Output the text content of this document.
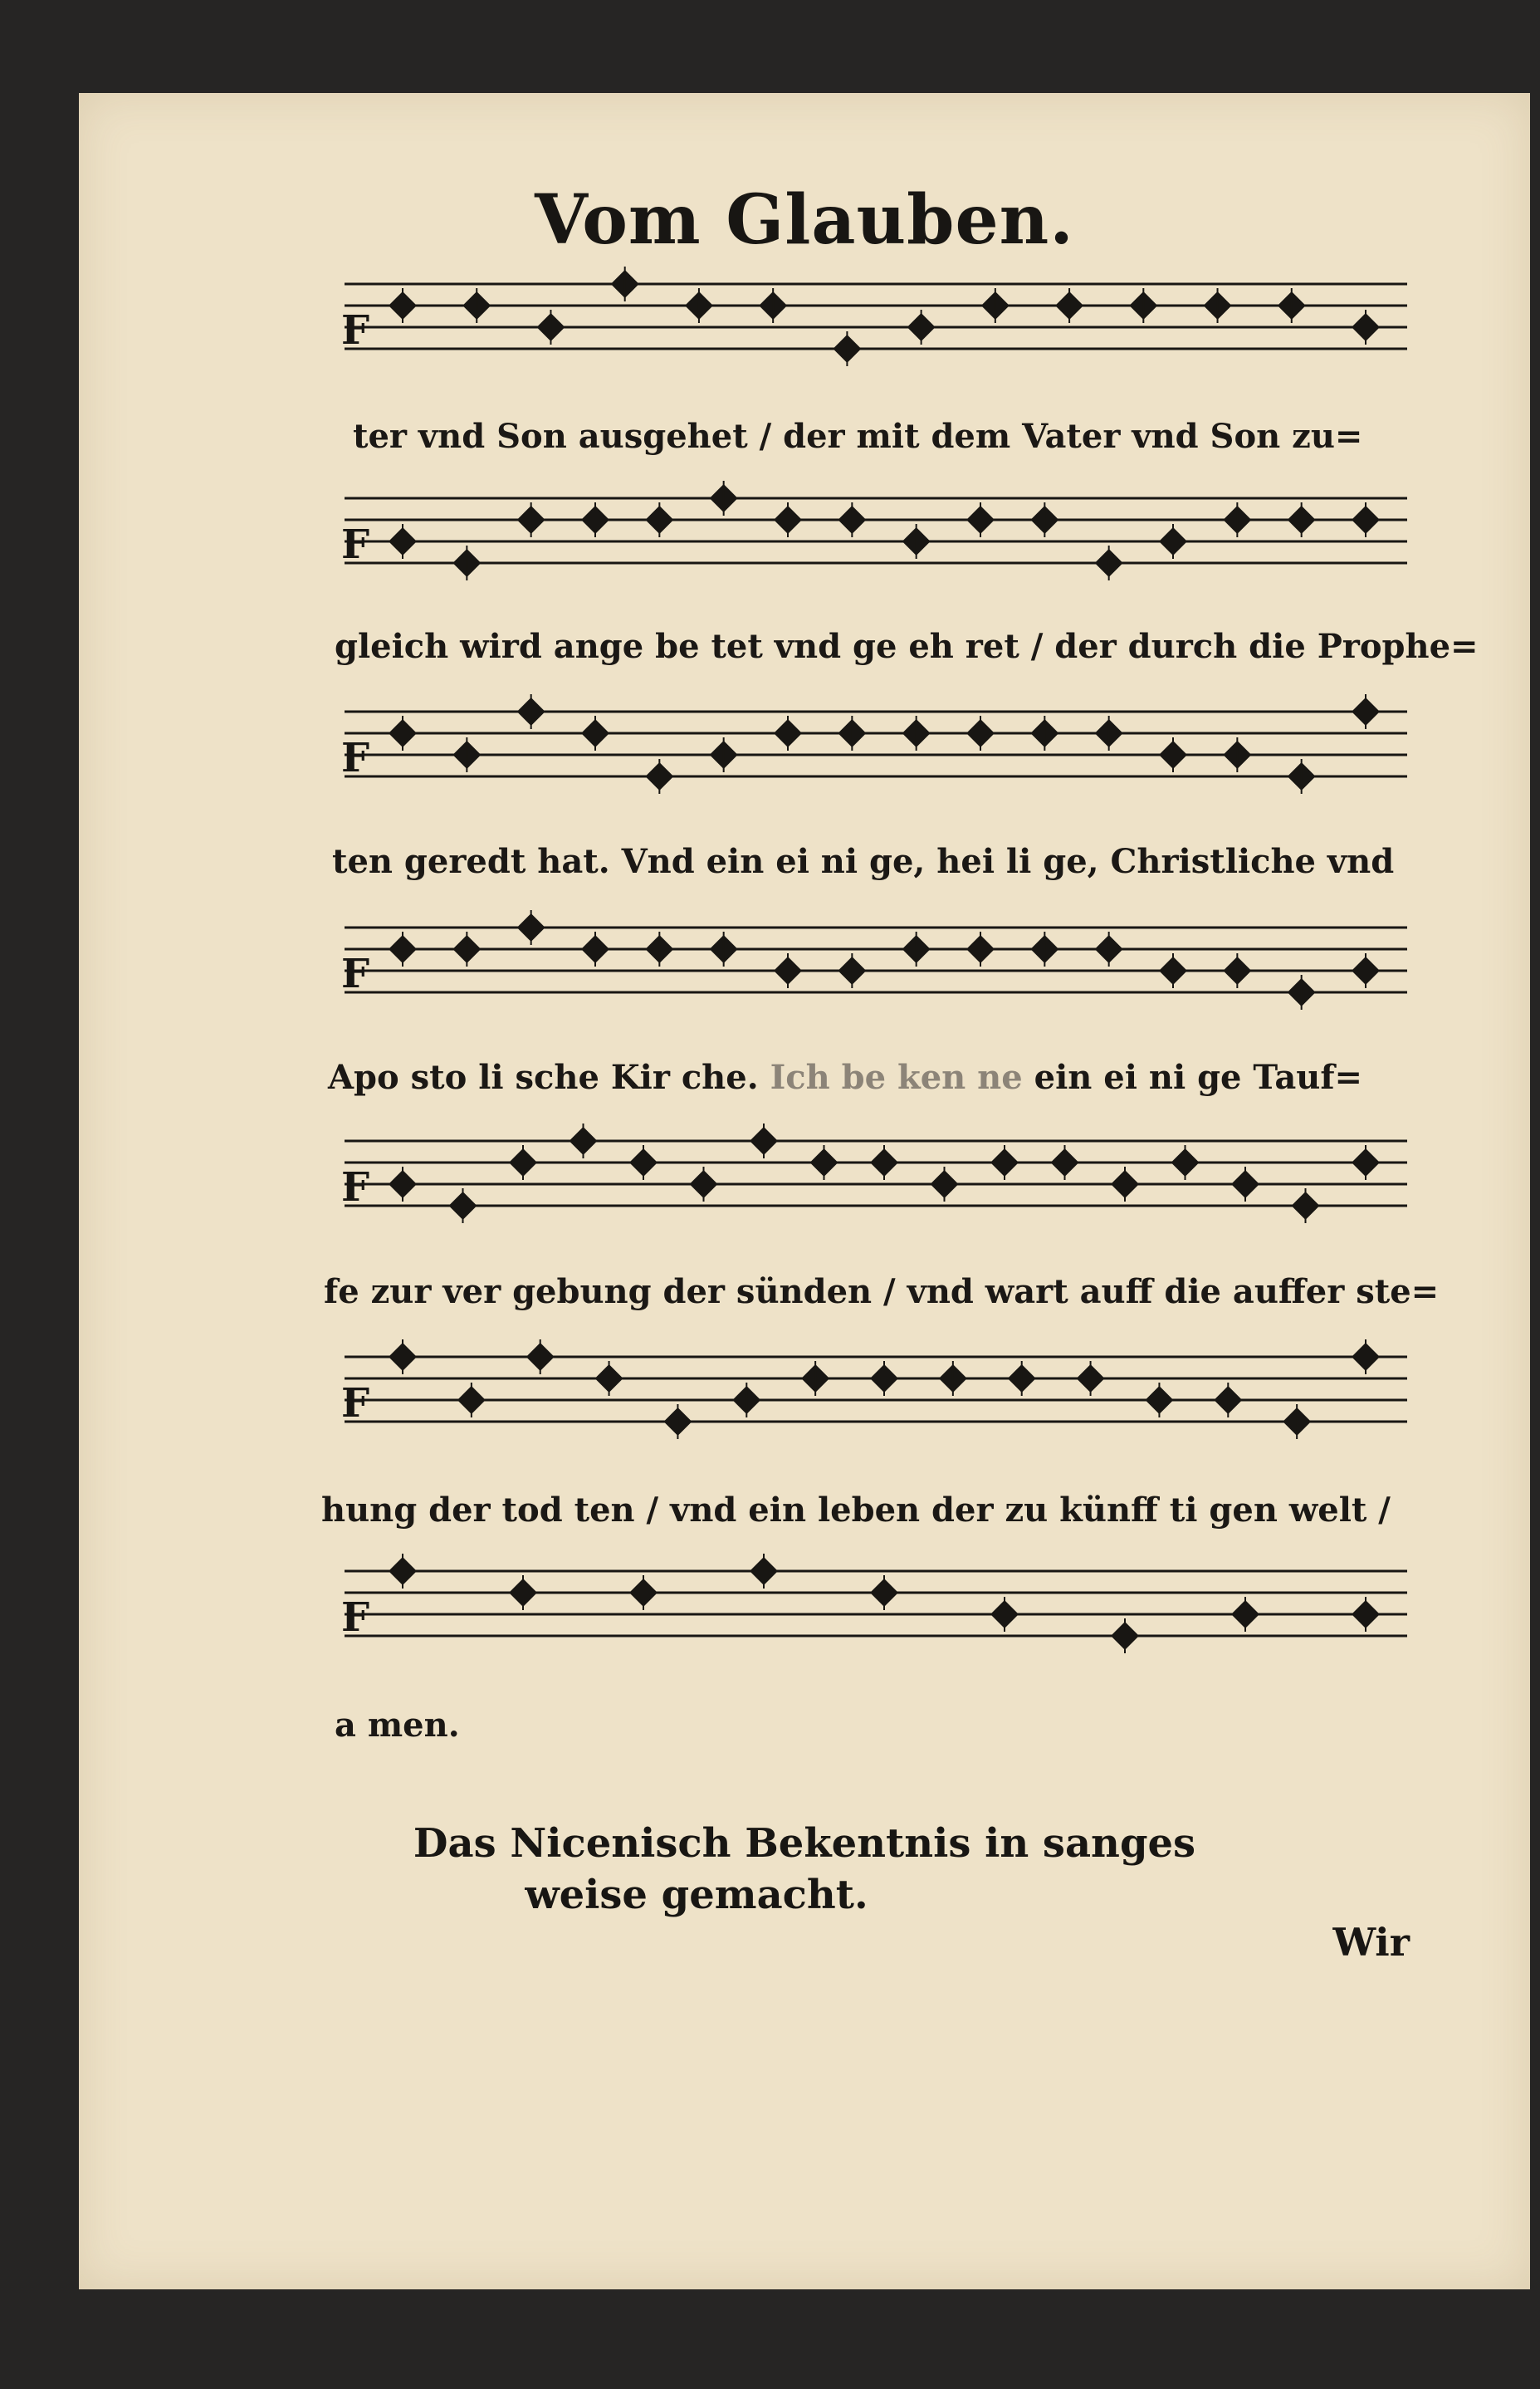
Vom Glauben.
F
F
F
F
F
F
F
ter vnd Son ausgehet / der mit dem Vater vnd Son zu=
gleich wird ange be tet vnd ge eh ret / der durch die Prophe=
ten geredt hat. Vnd ein ei ni ge, hei li ge, Christliche vnd
Apo sto li sche Kir che. Ich be ken ne ein ei ni ge Tauf=
fe zur ver gebung der sünden / vnd wart auff die auffer ste=
hung der tod ten / vnd ein leben der zu künff ti gen welt /
a men.
Das Nicenisch Bekentnis in sanges
weise gemacht.
Wir
